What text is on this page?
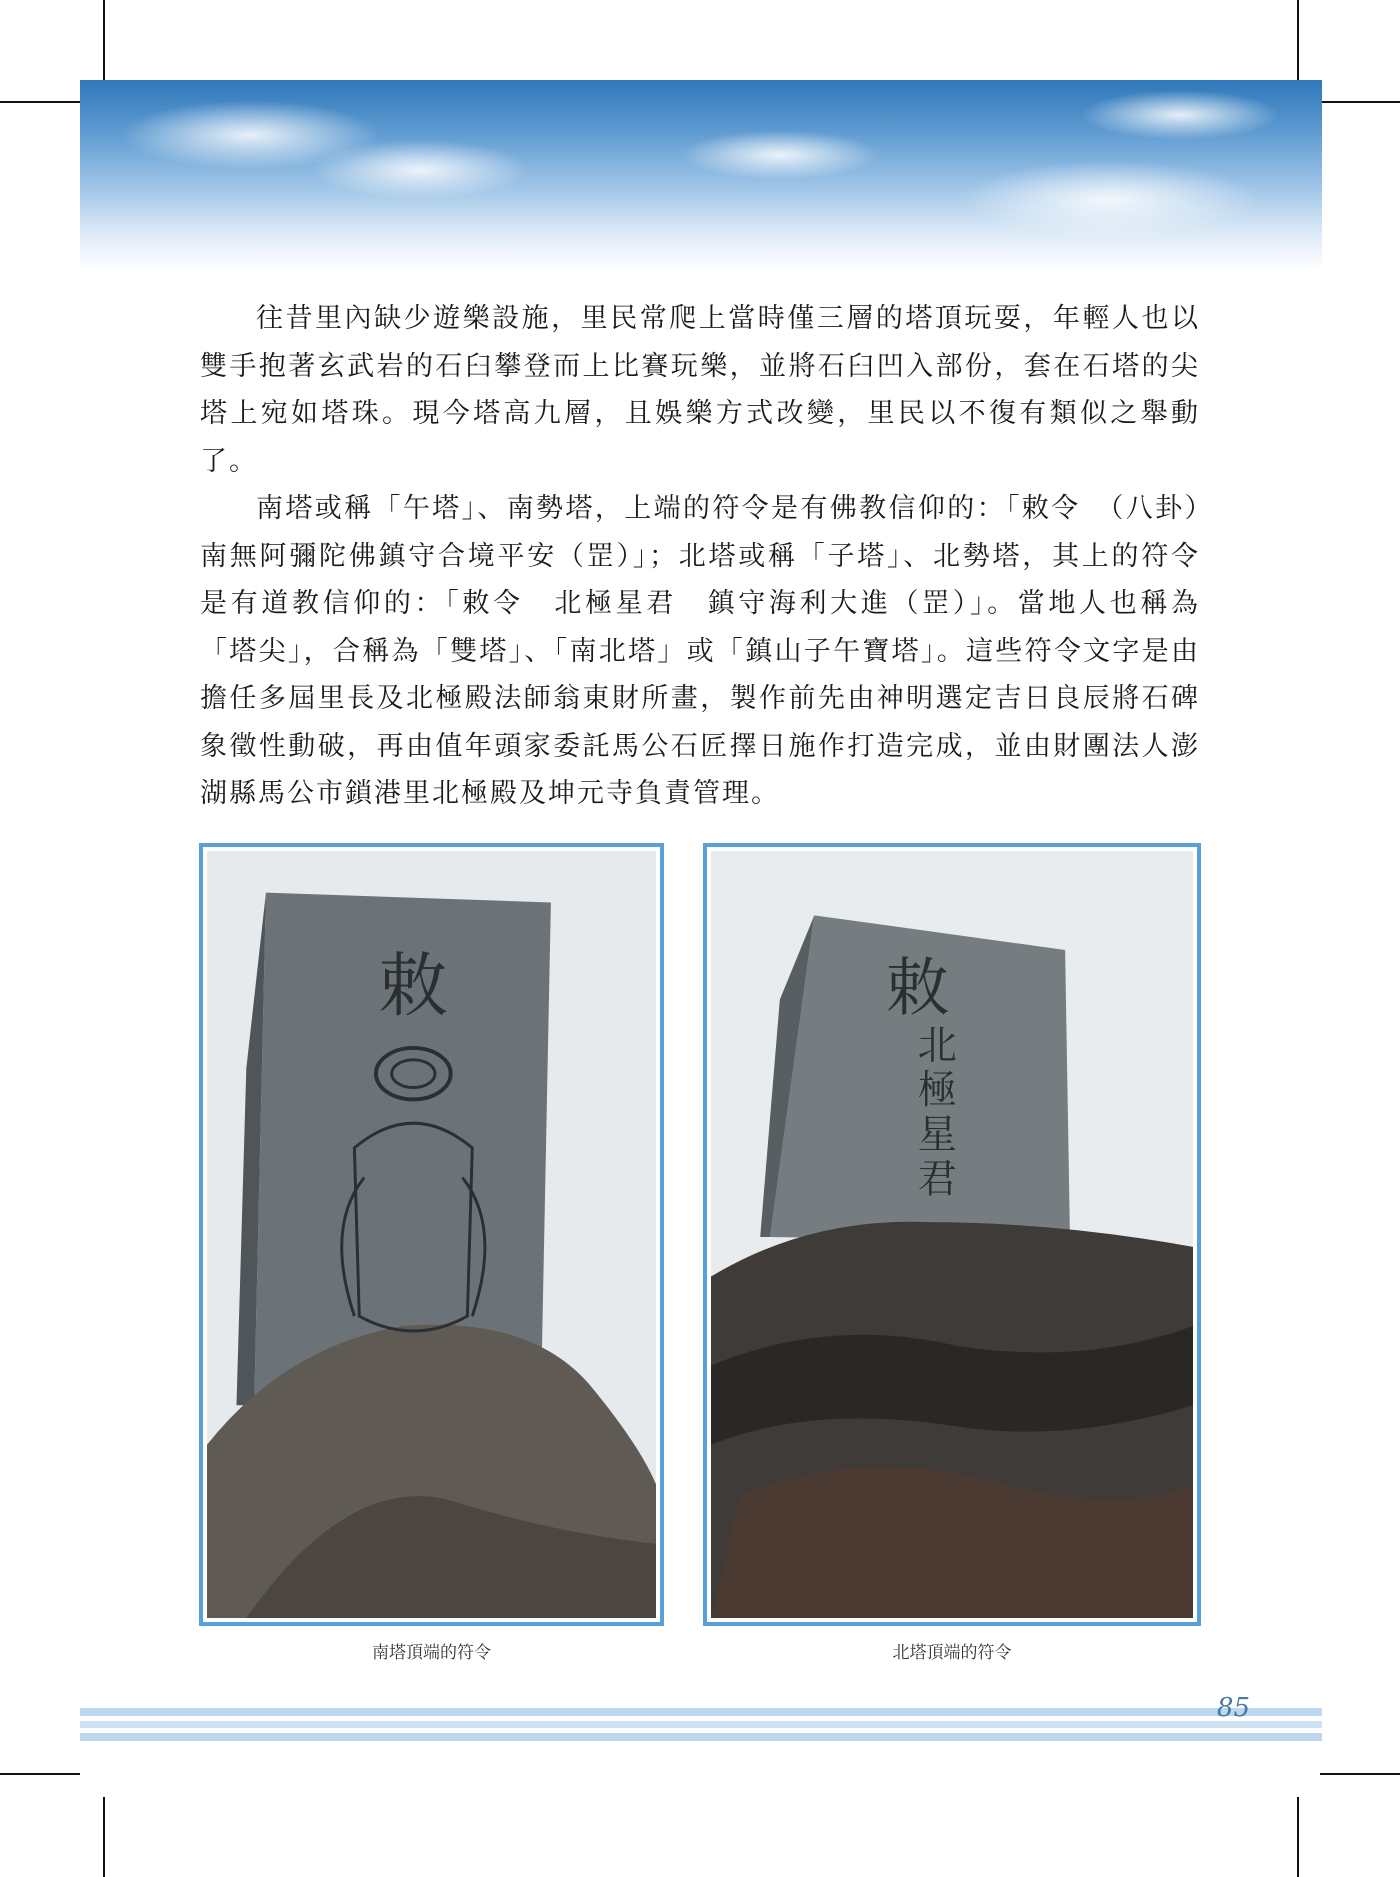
往昔里內缺少遊樂設施，里民常爬上當時僅三層的塔頂玩耍，年輕人也以雙手抱著玄武岩的石臼攀登而上比賽玩樂，並將石臼凹入部份，套在石塔的尖塔上宛如塔珠。現今塔高九層，且娛樂方式改變，里民以不復有類似之舉動了。

南塔或稱「午塔」、南勢塔，上端的符令是有佛教信仰的：「敕令　（八卦）南無阿彌陀佛鎮守合境平安（罡）」；北塔或稱「子塔」、北勢塔，其上的符令是有道教信仰的：「敕令　北極星君　鎮守海利大進（罡）」。當地人也稱為「塔尖」，合稱為「雙塔」、「南北塔」或「鎮山子午寶塔」。這些符令文字是由擔任多屆里長及北極殿法師翁東財所畫，製作前先由神明選定吉日良辰將石碑象徵性動破，再由值年頭家委託馬公石匠擇日施作打造完成，並由財團法人澎湖縣馬公市鎖港里北極殿及坤元寺負責管理。

敕
南塔頂端的符令
敕
北
極
星
君
北塔頂端的符令
85
